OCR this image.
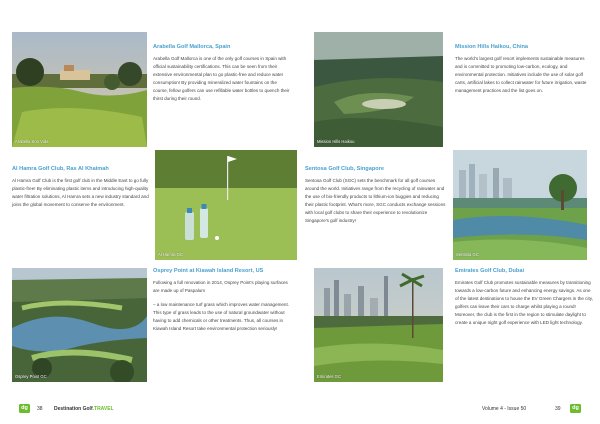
Arabella Son Vida
Arabella Golf Mallorca, Spain
Arabella Golf Mallorca is one of the only golf courses in Spain with official sustainability certifications. This can be seen from their extensive environmental plan to go plastic-free and reduce water consumption! By providing mineralized water fountains on the course, fellow golfers can use refillable water bottles to quench their thirst during their round.
Mission Hills Haikou
Mission Hills Haikou, China
The world's largest golf resort implements sustainable measures and is committed to promoting low-carbon, ecology, and environmental protection. Initiatives include the use of solar golf carts, artificial lakes to collect rainwater for future irrigation, waste management practices and the list goes on.
Al Hamra Golf Club, Ras Al Khaimah
Al Hamra Golf Club is the first golf club in the Middle East to go fully plastic-free! By eliminating plastic items and introducing high-quality water filtration solutions, Al Hamra sets a new industry standard and joins the global movement to conserve the environment.
Al Hamra GC
Sentosa Golf Club, Singapore
Sentosa Golf Club (SGC) sets the benchmark for all golf courses around the world. Initiatives range from the recycling of rainwater and the use of bio-friendly products to lithium-ion buggies and reducing their plastic footprint. What's more, SGC conducts exchange sessions with local golf clubs to share their experience to revolutionize Singapore's golf industry!
Sentosa GC
Osprey Point GC
Osprey Point at Kiawah Island Resort, US
Following a full renovation in 2014, Osprey Point's playing surfaces are made up of Paspalum
– a low maintenance turf grass which improves water management. This type of grass leads to the use of natural groundwater without having to add chemicals or other treatments. Thus, all courses in Kiawah Island Resort take environmental protection seriously!
Emirates GC
Emirates Golf Club, Dubai
Emirates Golf Club promotes sustainable measures by transitioning towards a low-carbon future and enhancing energy savings. As one of the latest destinations to house the EV Green Chargers in the city, golfers can leave their cars to charge whilst playing a round! Moreover, the club is the first in the region to stimulate daylight to create a unique night golf experience with LED light technology.
dg	38 Destination Golf.TRAVEL	Volume 4 - Issue 50	39	dg
